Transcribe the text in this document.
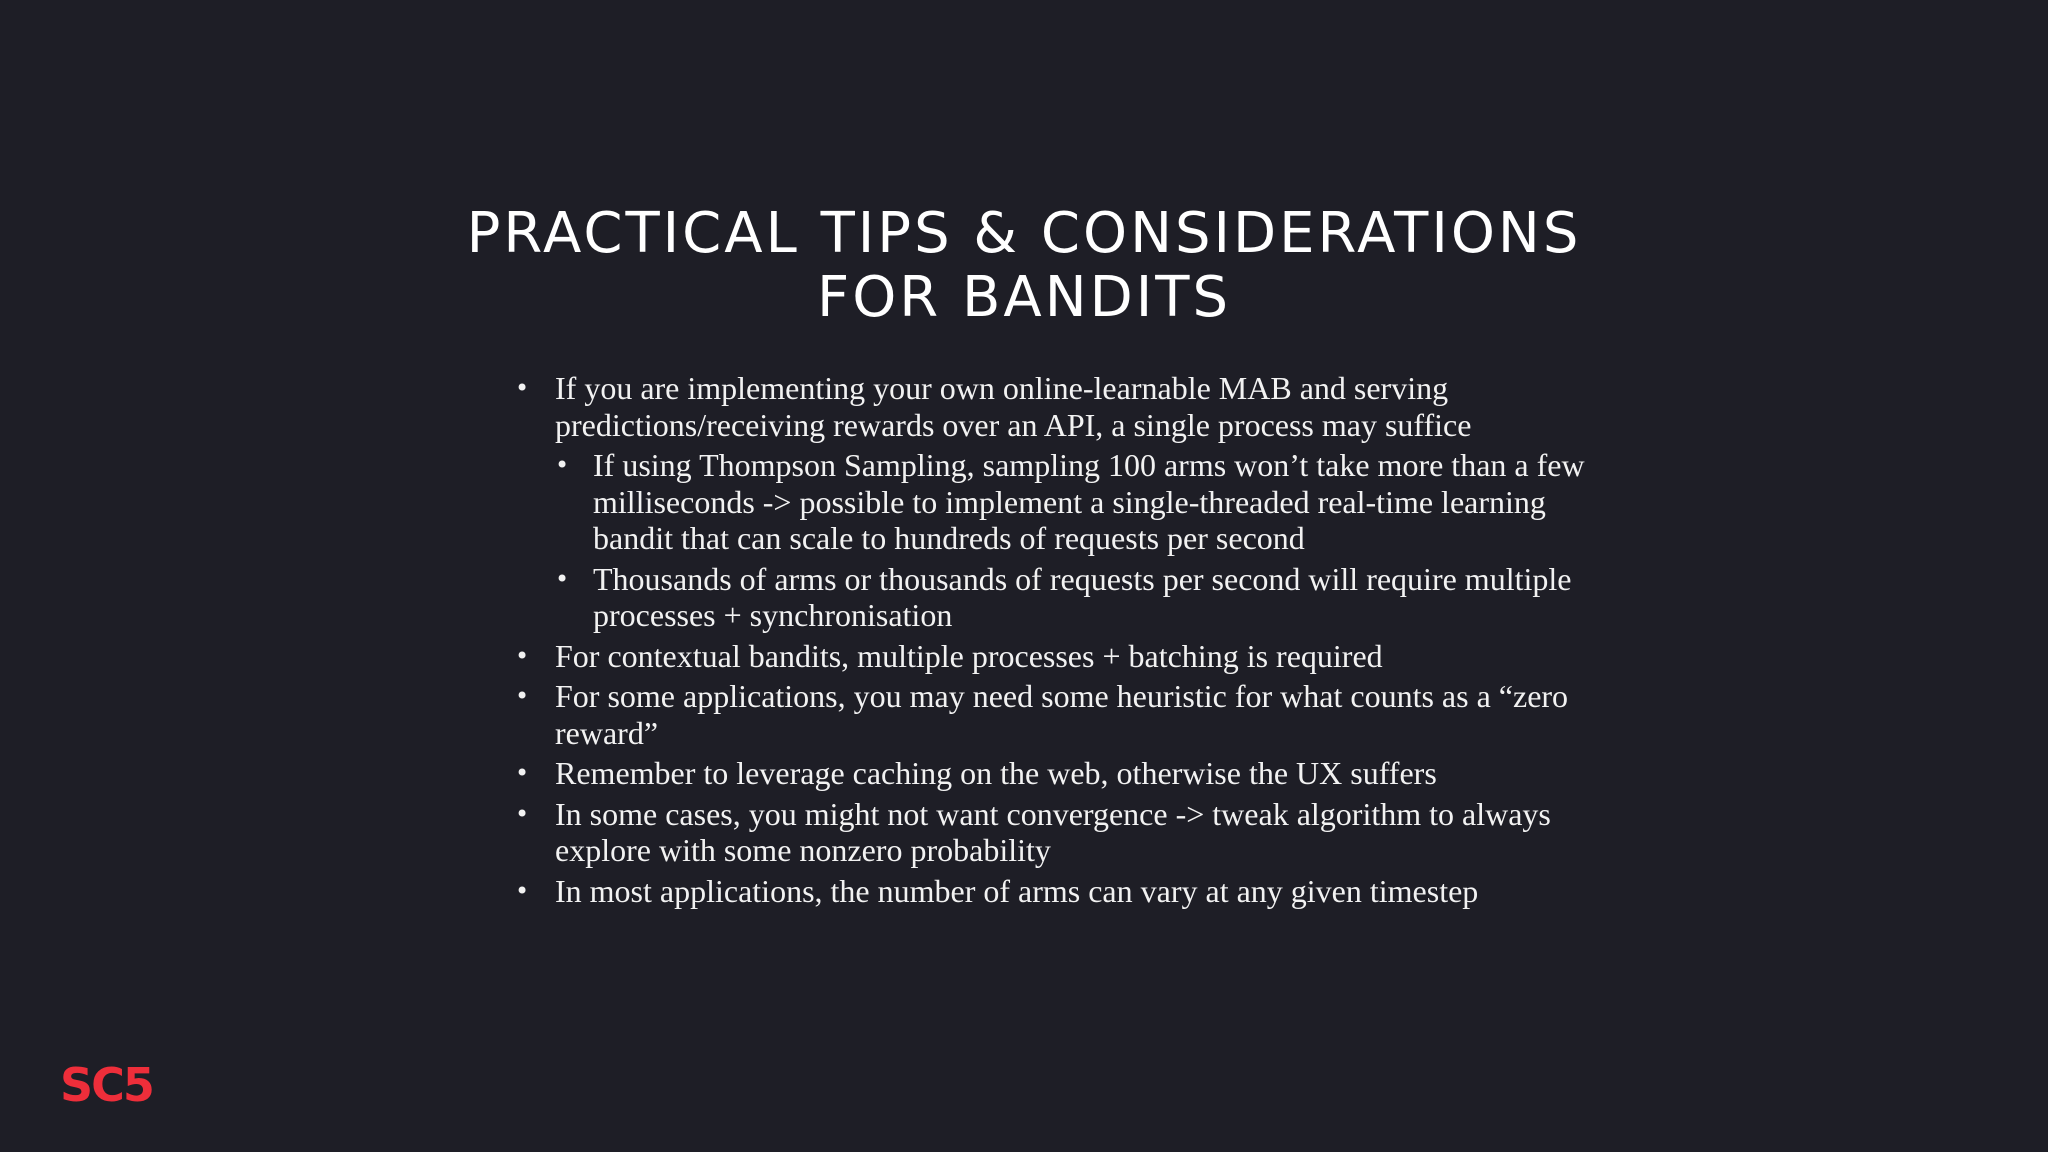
PRACTICAL TIPS & CONSIDERATIONS
FOR BANDITS
• If you are implementing your own online-learnable MAB and serving predictions/receiving rewards over an API, a single process may suffice
• If using Thompson Sampling, sampling 100 arms won’t take more than a few milliseconds -> possible to implement a single-threaded real-time learning bandit that can scale to hundreds of requests per second
• Thousands of arms or thousands of requests per second will require multiple processes + synchronisation
• For contextual bandits, multiple processes + batching is required
• For some applications, you may need some heuristic for what counts as a “zero reward”
• Remember to leverage caching on the web, otherwise the UX suffers
• In some cases, you might not want convergence -> tweak algorithm to always explore with some nonzero probability
• In most applications, the number of arms can vary at any given timestep
SC5
